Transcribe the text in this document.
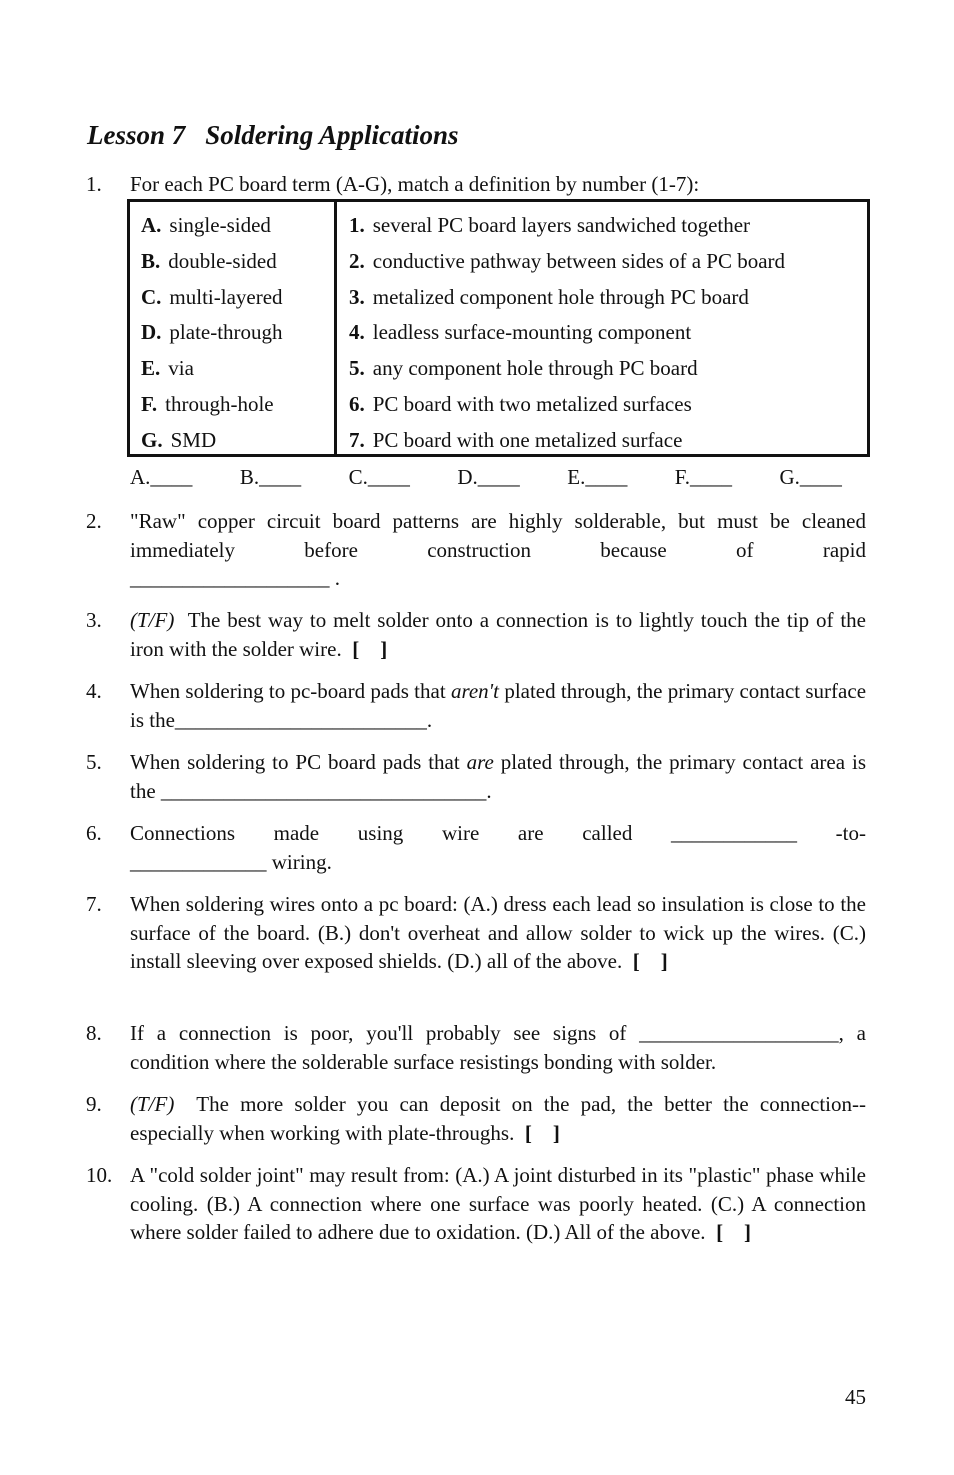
Lesson 7 Soldering Applications
1. For each PC board term (A-G), match a definition by number (1-7):
A. single-sided
B. double-sided
C. multi-layered
D. plate-through
E. via
F. through-hole
G. SMD
1. several PC board layers sandwiched together
2. conductive pathway between sides of a PC board
3. metalized component hole through PC board
4. leadless surface-mounting component
5. any component hole through PC board
6. PC board with two metalized surfaces
7. PC board with one metalized surface
A.____ B.____ C.____ D.____ E.____ F.____ G.____
2. "Raw" copper circuit board patterns are highly solderable, but must be cleaned immediately before construction because of rapid
___________________ .
3. (T/F) The best way to melt solder onto a connection is to lightly touch the tip of the iron with the solder wire. [    ]
4. When soldering to pc-board pads that aren't plated through, the primary contact surface is the________________________.
5. When soldering to PC board pads that are plated through, the primary contact area is the _______________________________.
6. Connections made using wire are called ____________ -to-
_____________ wiring.
7. When soldering wires onto a pc board: (A.) dress each lead so insulation is close to the surface of the board. (B.) don't overheat and allow solder to wick up the wires. (C.) install sleeving over exposed shields. (D.) all of the above. [    ]
8. If a connection is poor, you'll probably see signs of ___________________, a condition where the solderable surface resistings bonding with solder.
9. (T/F) The more solder you can deposit on the pad, the better the connection--especially when working with plate-throughs. [    ]
10. A "cold solder joint" may result from: (A.) A joint disturbed in its "plastic" phase while cooling. (B.) A connection where one surface was poorly heated. (C.) A connection where solder failed to adhere due to oxidation. (D.) All of the above. [    ]
45
